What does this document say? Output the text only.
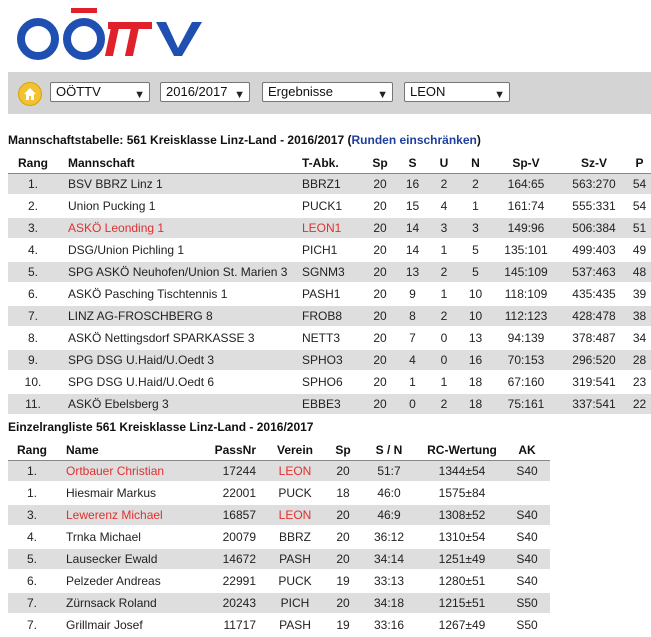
OÖTTV	▼	2016/2017 ▼	Ergebnisse	▼	LEON	▼
Mannschaftstabelle: 561 Kreisklasse Linz-Land - 2016/2017 (Runden einschränken)
Rang	Mannschaft	T-Abk.	Sp	S	U	N	Sp-V	Sz-V	P
1.	BSV BBRZ Linz 1	BBRZ1	20	16	2	2	164:65	563:270	54
2.	Union Pucking 1	PUCK1	20	15	4	1	161:74	555:331	54
3.	ASKÖ Leonding 1	LEON1	20	14	3	3	149:96	506:384	51
4.	DSG/Union Pichling 1	PICH1	20	14	1	5	135:101	499:403	49
5.	SPG ASKÖ Neuhofen/Union St. Marien 3	SGNM3	20	13	2	5	145:109	537:463	48
6.	ASKÖ Pasching Tischtennis 1	PASH1	20	9	1	10	118:109	435:435	39
7.	LINZ AG-FROSCHBERG 8	FROB8	20	8	2	10	112:123	428:478	38
8.	ASKÖ Nettingsdorf SPARKASSE 3	NETT3	20	7	0	13	94:139	378:487	34
9.	SPG DSG U.Haid/U.Oedt 3	SPHO3	20	4	0	16	70:153	296:520	28
10.	SPG DSG U.Haid/U.Oedt 6	SPHO6	20	1	1	18	67:160	319:541	23
11.	ASKÖ Ebelsberg 3	EBBE3	20	0	2	18	75:161	337:541	22
Einzelrangliste 561 Kreisklasse Linz-Land - 2016/2017
Rang	Name	PassNr	Verein	Sp	S / N	RC-Wertung	AK
1.	Ortbauer Christian	17244	LEON	20	51:7	1344±54	S40
1.	Hiesmair Markus	22001	PUCK	18	46:0	1575±84	
3.	Lewerenz Michael	16857	LEON	20	46:9	1308±52	S40
4.	Trnka Michael	20079	BBRZ	20	36:12	1310±54	S40
5.	Lausecker Ewald	14672	PASH	20	34:14	1251±49	S40
6.	Pelzeder Andreas	22991	PUCK	19	33:13	1280±51	S40
7.	Zürnsack Roland	20243	PICH	20	34:18	1215±51	S50
7.	Grillmair Josef	11717	PASH	19	33:16	1267±49	S50
